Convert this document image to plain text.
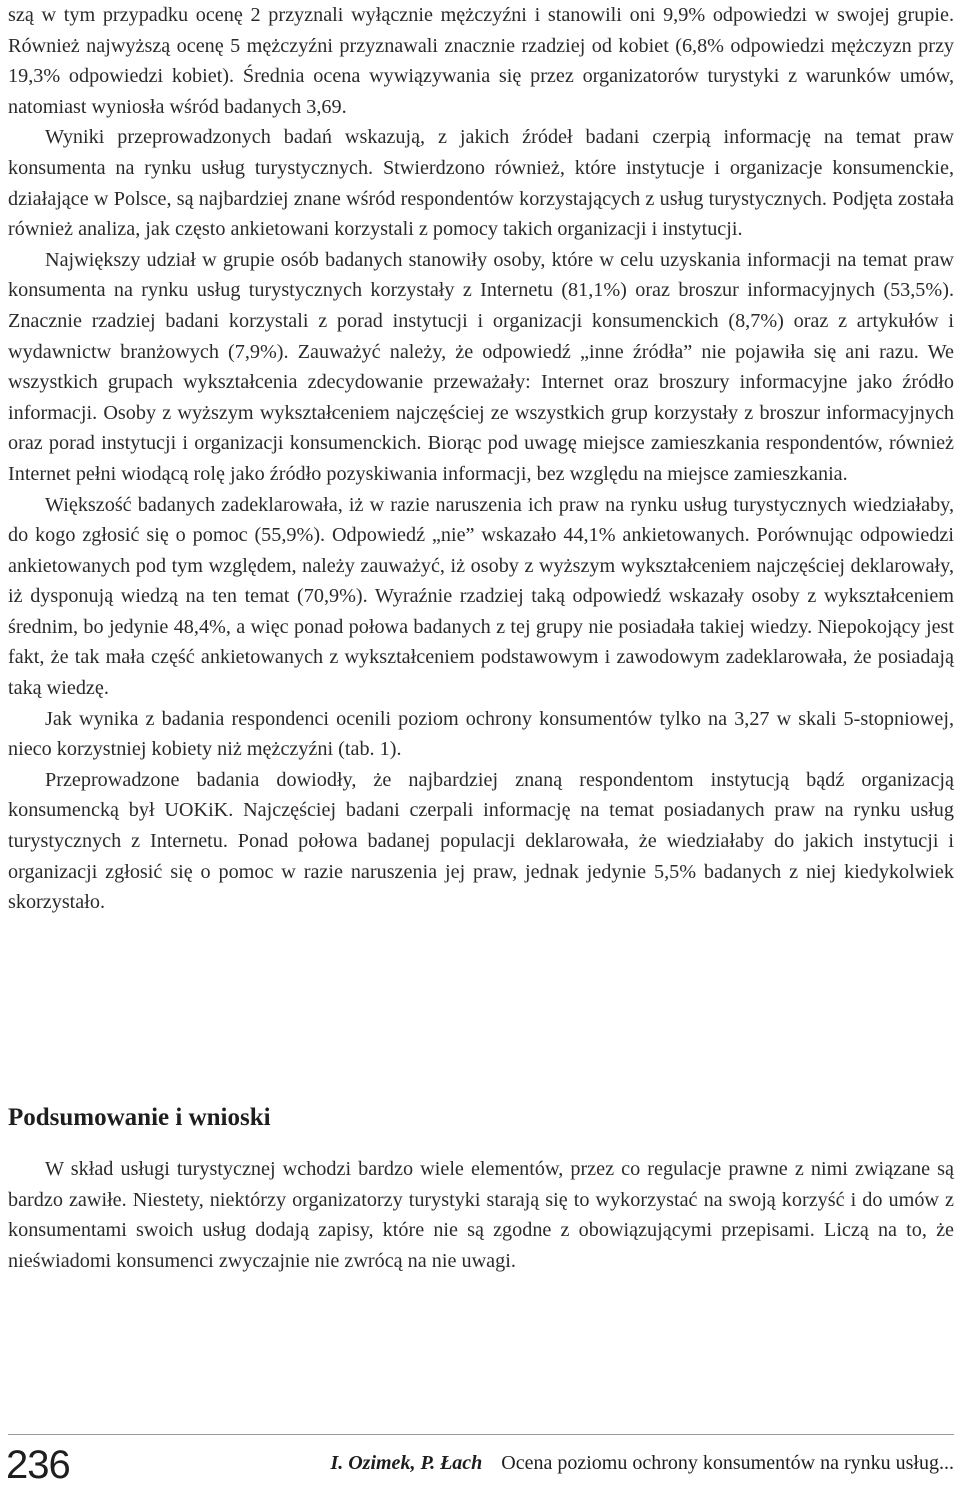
szą w tym przypadku ocenę 2 przyznali wyłącznie mężczyźni i stanowili oni 9,9% odpowiedzi w swojej grupie. Również najwyższą ocenę 5 mężczyźni przyznawali znacznie rzadziej od kobiet (6,8% odpowiedzi mężczyzn przy 19,3% odpowiedzi kobiet). Średnia ocena wywiązywania się przez organizatorów turystyki z warunków umów, natomiast wyniosła wśród badanych 3,69.

Wyniki przeprowadzonych badań wskazują, z jakich źródeł badani czerpią informację na temat praw konsumenta na rynku usług turystycznych. Stwierdzono również, które instytucje i organizacje konsumenckie, działające w Polsce, są najbardziej znane wśród respondentów korzystających z usług turystycznych. Podjęta została również analiza, jak często ankietowani korzystali z pomocy takich organizacji i instytucji.

Największy udział w grupie osób badanych stanowiły osoby, które w celu uzyskania informacji na temat praw konsumenta na rynku usług turystycznych korzystały z Internetu (81,1%) oraz broszur informacyjnych (53,5%). Znacznie rzadziej badani korzystali z porad instytucji i organizacji konsumenckich (8,7%) oraz z artykułów i wydawnictw branżowych (7,9%). Zauważyć należy, że odpowiedź „inne źródła” nie pojawiła się ani razu. We wszystkich grupach wykształcenia zdecydowanie przeważały: Internet oraz broszury informacyjne jako źródło informacji. Osoby z wyższym wykształceniem najczęściej ze wszystkich grup korzystały z broszur informacyjnych oraz porad instytucji i organizacji konsumenckich. Biorąc pod uwagę miejsce zamieszkania respondentów, również Internet pełni wiodącą rolę jako źródło pozyskiwania informacji, bez względu na miejsce zamieszkania.

Większość badanych zadeklarowała, iż w razie naruszenia ich praw na rynku usług turystycznych wiedziałaby, do kogo zgłosić się o pomoc (55,9%). Odpowiedź „nie” wskazało 44,1% ankietowanych. Porównując odpowiedzi ankietowanych pod tym względem, należy zauważyć, iż osoby z wyższym wykształceniem najczęściej deklarowały, iż dysponują wiedzą na ten temat (70,9%). Wyraźnie rzadziej taką odpowiedź wskazały osoby z wykształceniem średnim, bo jedynie 48,4%, a więc ponad połowa badanych z tej grupy nie posiadała takiej wiedzy. Niepokojący jest fakt, że tak mała część ankietowanych z wykształceniem podstawowym i zawodowym zadeklarowała, że posiadają taką wiedzę.

Jak wynika z badania respondenci ocenili poziom ochrony konsumentów tylko na 3,27 w skali 5-stopniowej, nieco korzystniej kobiety niż mężczyźni (tab. 1).

Przeprowadzone badania dowiodły, że najbardziej znaną respondentom instytucją bądź organizacją konsumencką był UOKiK. Najczęściej badani czerpali informację na temat posiadanych praw na rynku usług turystycznych z Internetu. Ponad połowa badanej populacji deklarowała, że wiedziałaby do jakich instytucji i organizacji zgłosić się o pomoc w razie naruszenia jej praw, jednak jedynie 5,5% badanych z niej kiedykolwiek skorzystało.

Podsumowanie i wnioski

W skład usługi turystycznej wchodzi bardzo wiele elementów, przez co regulacje prawne z nimi związane są bardzo zawiłe. Niestety, niektórzy organizatorzy turystyki starają się to wykorzystać na swoją korzyść i do umów z konsumentami swoich usług dodają zapisy, które nie są zgodne z obowiązującymi przepisami. Liczą na to, że nieświadomi konsumenci zwyczajnie nie zwrócą na nie uwagi.

236	I. Ozimek, P. Łach Ocena poziomu ochrony konsumentów na rynku usług...
